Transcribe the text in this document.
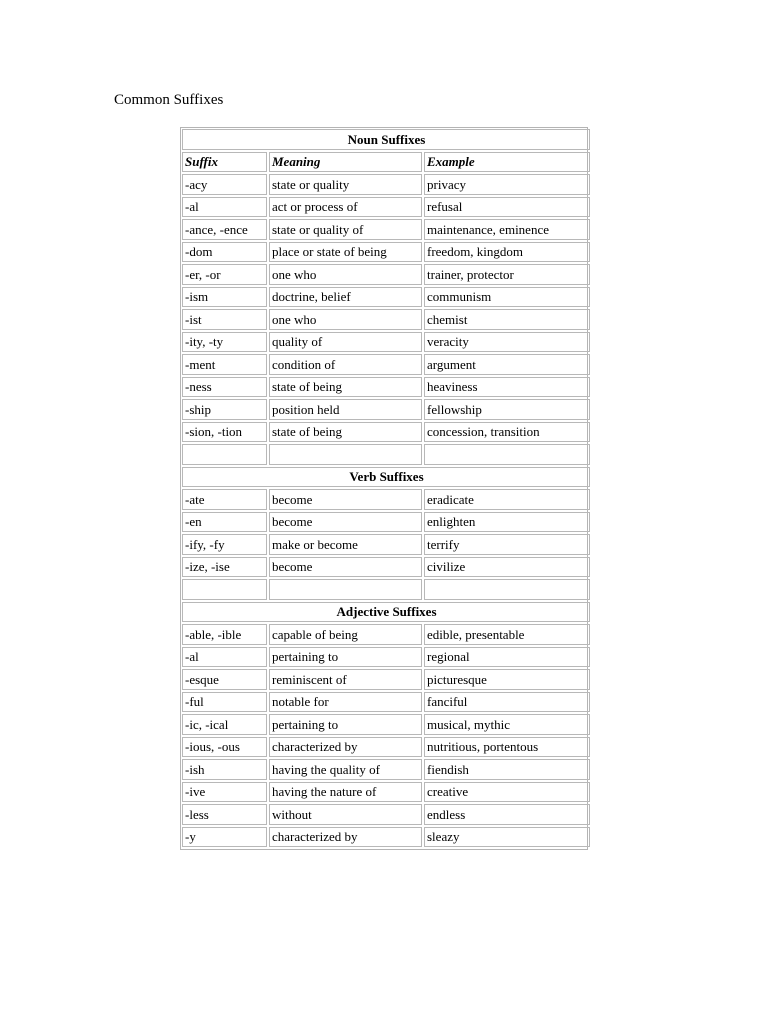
Common Suffixes
Noun Suffixes		
Suffix	Meaning	Example
-acy	state or quality	privacy
-al	act or process of	refusal
-ance, -ence	state or quality of	maintenance, eminence
-dom	place or state of being	freedom, kingdom
-er, -or	one who	trainer, protector
-ism	doctrine, belief	communism
-ist	one who	chemist
-ity, -ty	quality of	veracity
-ment	condition of	argument
-ness	state of being	heaviness
-ship	position held	fellowship
-sion, -tion	state of being	concession, transition

Verb Suffixes		
-ate	become	eradicate
-en	become	enlighten
-ify, -fy	make or become	terrify
-ize, -ise	become	civilize

Adjective Suffixes		
-able, -ible	capable of being	edible, presentable
-al	pertaining to	regional
-esque	reminiscent of	picturesque
-ful	notable for	fanciful
-ic, -ical	pertaining to	musical, mythic
-ious, -ous	characterized by	nutritious, portentous
-ish	having the quality of	fiendish
-ive	having the nature of	creative
-less	without	endless
-y	characterized by	sleazy
